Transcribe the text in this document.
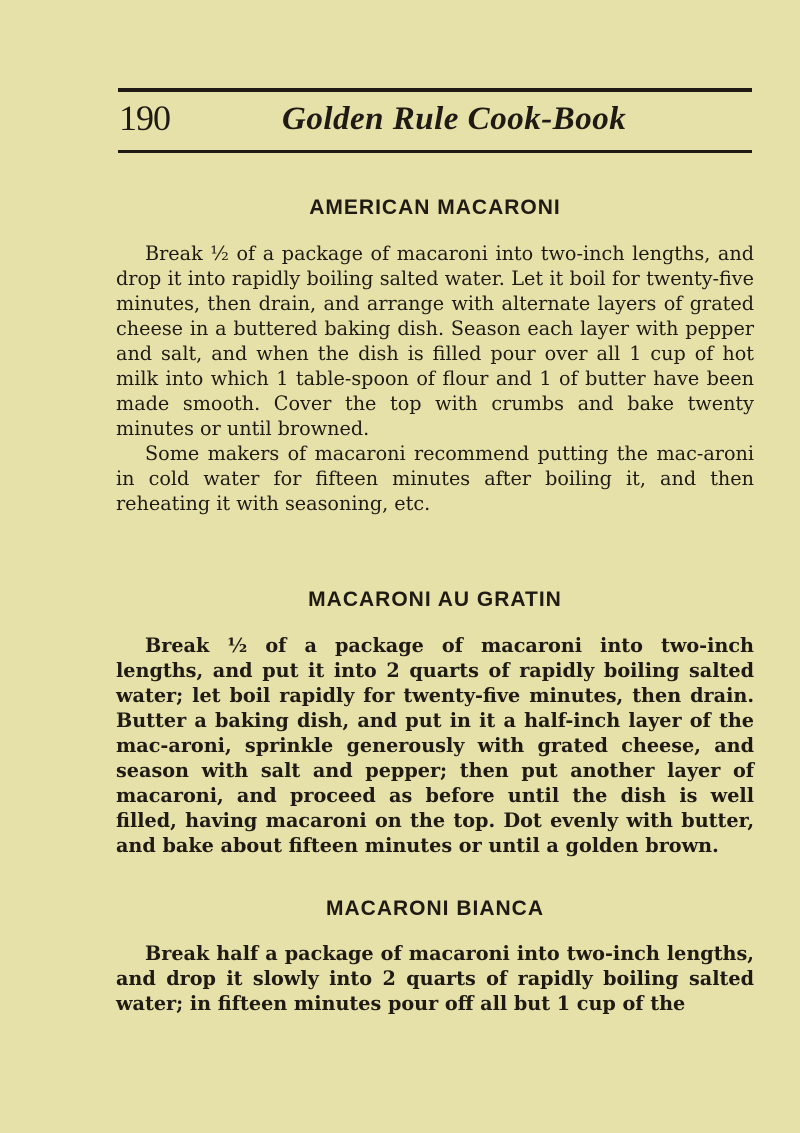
190	Golden Rule Cook-Book
AMERICAN MACARONI

Break ½ of a package of macaroni into two-inch lengths, and drop it into rapidly boiling salted water. Let it boil for twenty-five minutes, then drain, and arrange with alternate layers of grated cheese in a buttered baking dish. Season each layer with pepper and salt, and when the dish is filled pour over all 1 cup of hot milk into which 1 table-spoon of flour and 1 of butter have been made smooth. Cover the top with crumbs and bake twenty minutes or until browned.

Some makers of macaroni recommend putting the mac-aroni in cold water for fifteen minutes after boiling it, and then reheating it with seasoning, etc.

MACARONI AU GRATIN

Break ½ of a package of macaroni into two-inch lengths, and put it into 2 quarts of rapidly boiling salted water; let boil rapidly for twenty-five minutes, then drain. Butter a baking dish, and put in it a half-inch layer of the mac-aroni, sprinkle generously with grated cheese, and season with salt and pepper; then put another layer of macaroni, and proceed as before until the dish is well filled, having macaroni on the top. Dot evenly with butter, and bake about fifteen minutes or until a golden brown.

MACARONI BIANCA

Break half a package of macaroni into two-inch lengths, and drop it slowly into 2 quarts of rapidly boiling salted water; in fifteen minutes pour off all but 1 cup of the
